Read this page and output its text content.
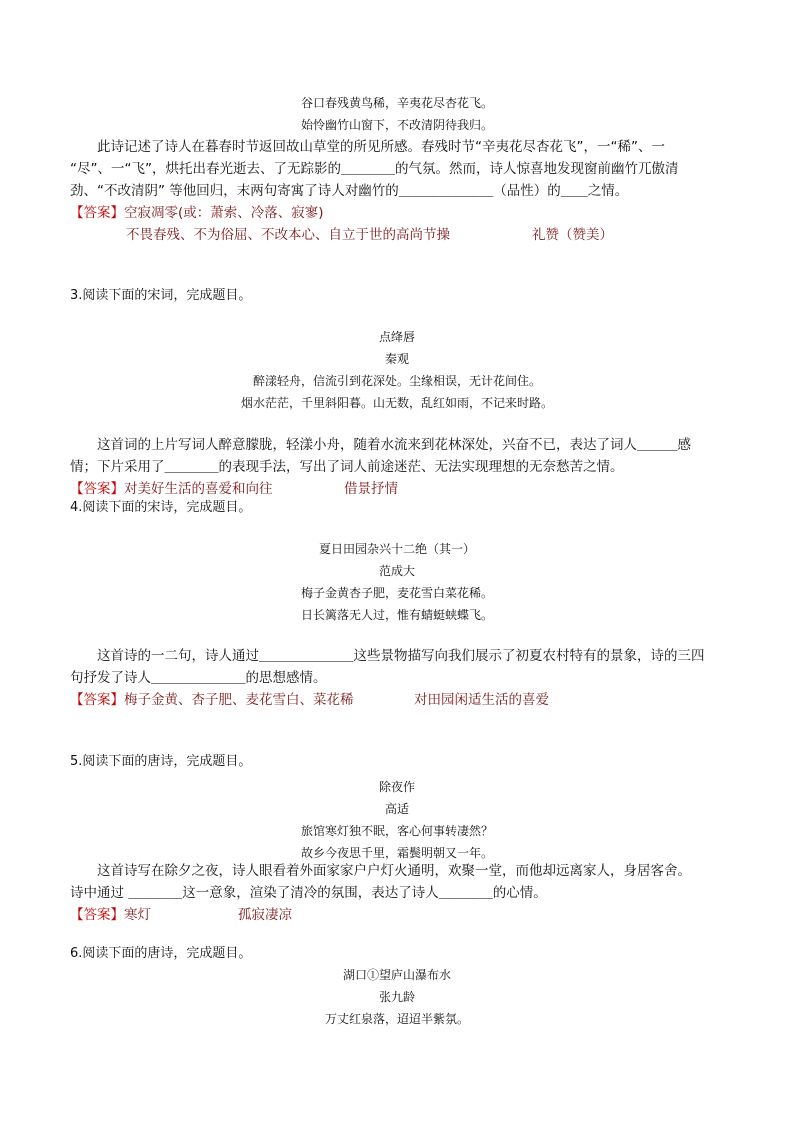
谷口春残黄鸟稀，辛夷花尽杏花飞。
始怜幽竹山窗下，不改清阴待我归。
此诗记述了诗人在暮春时节返回故山草堂的所见所感。春残时节“辛夷花尽杏花飞”，一“稀”、一
“尽”、一“飞”，烘托出春光逝去、了无踪影的＿＿＿＿的气氛。然而，诗人惊喜地发现窗前幽竹兀傲清
劲、“不改清阴” 等他回归，末两句寄寓了诗人对幽竹的＿＿＿＿＿＿＿（品性）的＿＿之情。
【答案】空寂凋零(或：萧索、冷落、寂寥)
不畏春残、不为俗屈、不改本心、自立于世的高尚节操	礼赞（赞美）
3.阅读下面的宋词，完成题目。
点绛唇
秦观
醉漾轻舟，信流引到花深处。尘缘相误，无计花间住。
烟水茫茫，千里斜阳暮。山无数，乱红如雨，不记来时路。
这首词的上片写词人醉意朦胧，轻漾小舟，随着水流来到花林深处，兴奋不已，表达了词人＿＿＿感
情；下片采用了＿＿＿＿的表现手法，写出了词人前途迷茫、无法实现理想的无奈愁苦之情。
【答案】对美好生活的喜爱和向往	借景抒情
4.阅读下面的宋诗，完成题目。
夏日田园杂兴十二绝（其一）
范成大
梅子金黄杏子肥，麦花雪白菜花稀。
日长篱落无人过，惟有蜻蜓蛱蝶飞。
这首诗的一二句，诗人通过＿＿＿＿＿＿＿这些景物描写向我们展示了初夏农村特有的景象，诗的三四
句抒发了诗人＿＿＿＿＿＿＿的思想感情。
【答案】梅子金黄、杏子肥、麦花雪白、菜花稀	对田园闲适生活的喜爱
5.阅读下面的唐诗，完成题目。
除夜作
高适
旅馆寒灯独不眠，客心何事转凄然？
故乡今夜思千里，霜鬓明朝又一年。
这首诗写在除夕之夜，诗人眼看着外面家家户户灯火通明，欢聚一堂，而他却远离家人，身居客舍。
诗中通过 ＿＿＿＿这一意象，渲染了清冷的氛围，表达了诗人＿＿＿＿的心情。
【答案】寒灯	孤寂凄凉
6.阅读下面的唐诗，完成题目。
湖口①望庐山瀑布水
张九龄
万丈红泉落，迢迢半紫氛。
